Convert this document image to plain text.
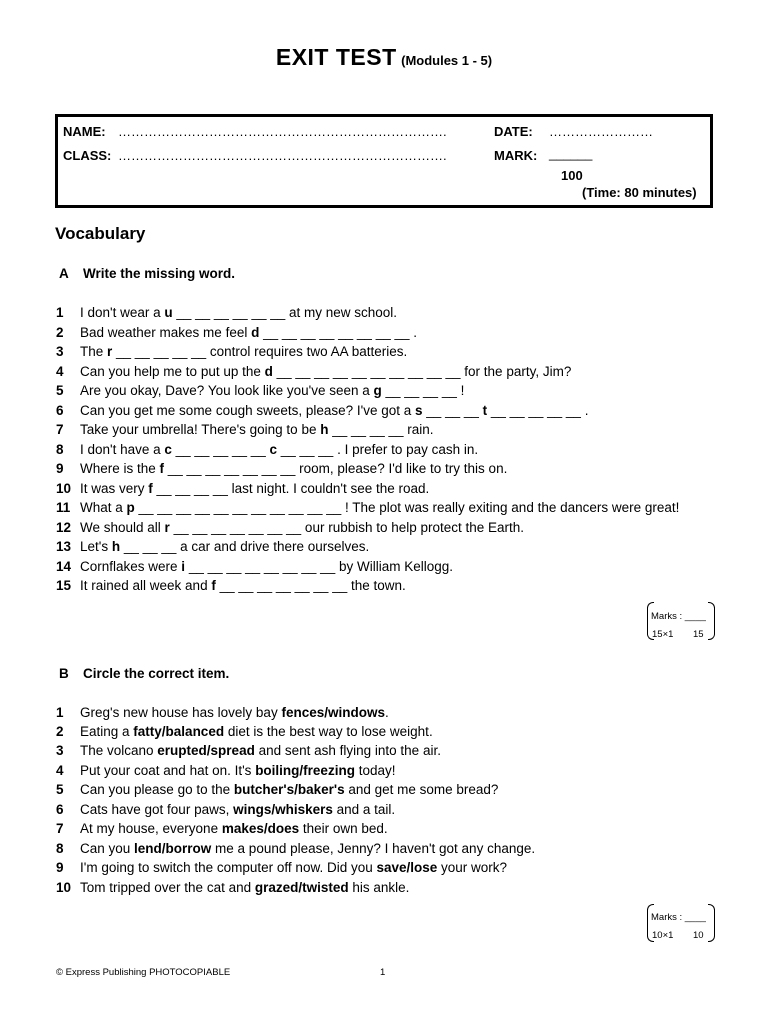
EXIT TEST (Modules 1 - 5)
NAME: ………………………………………………………………….	DATE: ……………………
CLASS: ………………………………………………………………….	MARK: ______
100
(Time: 80 minutes)
Vocabulary
A Write the missing word.
1 I don't wear a u __ __ __ __ __ __ at my new school.
2 Bad weather makes me feel d __ __ __ __ __ __ __ __ .
3 The r __ __ __ __ __ control requires two AA batteries.
4 Can you help me to put up the d __ __ __ __ __ __ __ __ __ __ for the party, Jim?
5 Are you okay, Dave? You look like you've seen a g __ __ __ __ !
6 Can you get me some cough sweets, please? I've got a s __ __ __ t __ __ __ __ __ .
7 Take your umbrella! There's going to be h __ __ __ __ rain.
8 I don't have a c __ __ __ __ __ c __ __ __ . I prefer to pay cash in.
9 Where is the f __ __ __ __ __ __ __ room, please? I'd like to try this on.
10 It was very f __ __ __ __ last night. I couldn't see the road.
11 What a p __ __ __ __ __ __ __ __ __ __ __ ! The plot was really exiting and the dancers were great!
12 We should all r __ __ __ __ __ __ __ our rubbish to help protect the Earth.
13 Let's h __ __ __ a car and drive there ourselves.
14 Cornflakes were i __ __ __ __ __ __ __ __ by William Kellogg.
15 It rained all week and f __ __ __ __ __ __ __ the town.
Marks : ____
15×1 15
B Circle the correct item.
1 Greg's new house has lovely bay fences/windows.
2 Eating a fatty/balanced diet is the best way to lose weight.
3 The volcano erupted/spread and sent ash flying into the air.
4 Put your coat and hat on. It's boiling/freezing today!
5 Can you please go to the butcher's/baker's and get me some bread?
6 Cats have got four paws, wings/whiskers and a tail.
7 At my house, everyone makes/does their own bed.
8 Can you lend/borrow me a pound please, Jenny? I haven't got any change.
9 I'm going to switch the computer off now. Did you save/lose your work?
10 Tom tripped over the cat and grazed/twisted his ankle.
Marks : ____
10×1 10
© Express Publishing PHOTOCOPIABLE	1
